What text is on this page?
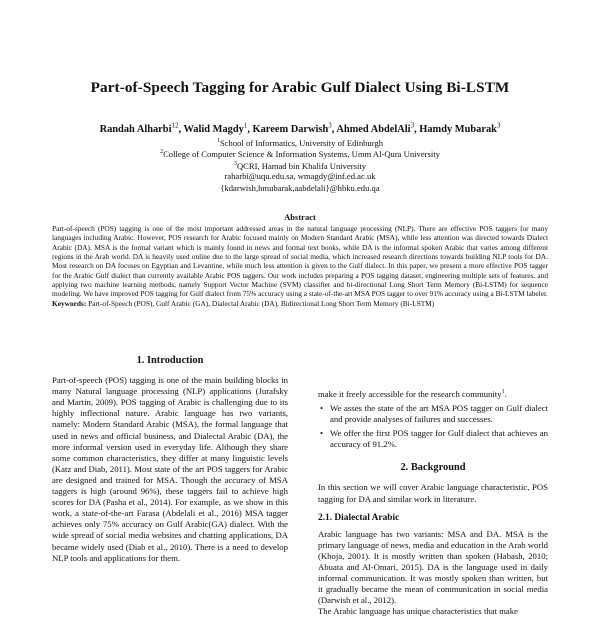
Part-of-Speech Tagging for Arabic Gulf Dialect Using Bi-LSTM
Randah Alharbi$^{12}$, Walid Magdy$^1$, Kareem Darwish$^3$, Ahmed AbdelAli$^3$, Hamdy Mubarak$^3$
$^1$School of Informatics, University of Edinburgh
$^2$College of Computer Science & Information Systems, Umm Al-Qura University
$^3$QCRI, Hamad bin Khalifa University
raharbi@uqu.edu.sa, wmagdy@inf.ed.ac.uk
{kdarwish,hmubarak,aabdelali}@hbku.edu.qa
Abstract
Part-of-speech (POS) tagging is one of the most important addressed areas in the natural language processing (NLP). There are effective POS taggers for many languages including Arabic. However, POS research for Arabic focused mainly on Modern Standard Arabic (MSA), while less attention was directed towards Dialect Arabic (DA). MSA is the formal variant which is mainly found in news and formal text books, while DA is the informal spoken Arabic that varies among different regions in the Arab world. DA is heavily used online due to the large spread of social media, which increased research directions towards building NLP tools for DA. Most research on DA focuses on Egyptian and Levantine, while much less attention is given to the Gulf dialect. In this paper, we present a more effective POS tagger for the Arabic Gulf dialect than currently available Arabic POS taggers. Our work includes preparing a POS tagging dataset, engineering multiple sets of features, and applying two machine learning methods, namely Support Vector Machine (SVM) classifier and bi-directional Long Short Term Memory (Bi-LSTM) for sequence modeling. We have improved POS tagging for Gulf dialect from 75% accuracy using a state-of-the-art MSA POS tagger to over 91% accuracy using a Bi-LSTM labeler.
Keywords: Part-of-Speech (POS), Gulf Arabic (GA), Dialectal Arabic (DA), Bidirectional Long Short Term Memory (Bi-LSTM)
1. Introduction

Part-of-speech (POS) tagging is one of the main building blocks in many Natural language processing (NLP) applications (Jurafsky and Martin, 2009). POS tagging of Arabic is challenging due to its highly inflectional nature. Arabic language has two variants, namely: Modern Standard Arabic (MSA), the formal language that used in news and official business, and Dialectal Arabic (DA), the more informal version used in everyday life. Although they share some common characteristics, they differ at many linguistic levels (Katz and Diab, 2011). Most state of the art POS taggers for Arabic are designed and trained for MSA. Though the accuracy of MSA taggers is high (around 96%), these taggers fail to achieve high scores for DA (Pasha et al., 2014). For example, as we show in this work, a state-of-the-art Farasa (Abdelali et al., 2016) MSA tagger achieves only 75% accuracy on Gulf Arabic(GA) dialect. With the wide spread of social media websites and chatting applications, DA became widely used (Diab et al., 2010). There is a need to develop NLP tools and applications for them.

make it freely accessible for the research community$^1$.

• We asses the state of the art MSA POS tagger on Gulf dialect and provide analyses of failures and successes.
• We offer the first POS tagger for Gulf dialect that achieves an accuracy of 91.2%.
2. Background

In this section we will cover Arabic language characteristic, POS tagging for DA and similar work in literature.

2.1. Dialectal Arabic

Arabic language has two variants: MSA and DA. MSA is the primary language of news, media and education in the Arab world (Khoja, 2001). It is mostly written than spoken (Habash, 2010; Abuata and Al-Omari, 2015). DA is the language used in daily informal communication. It was mostly spoken than written, but it gradually became the mean of communication in social media (Darwish et al., 2012).

The Arabic language has unique characteristics that make
